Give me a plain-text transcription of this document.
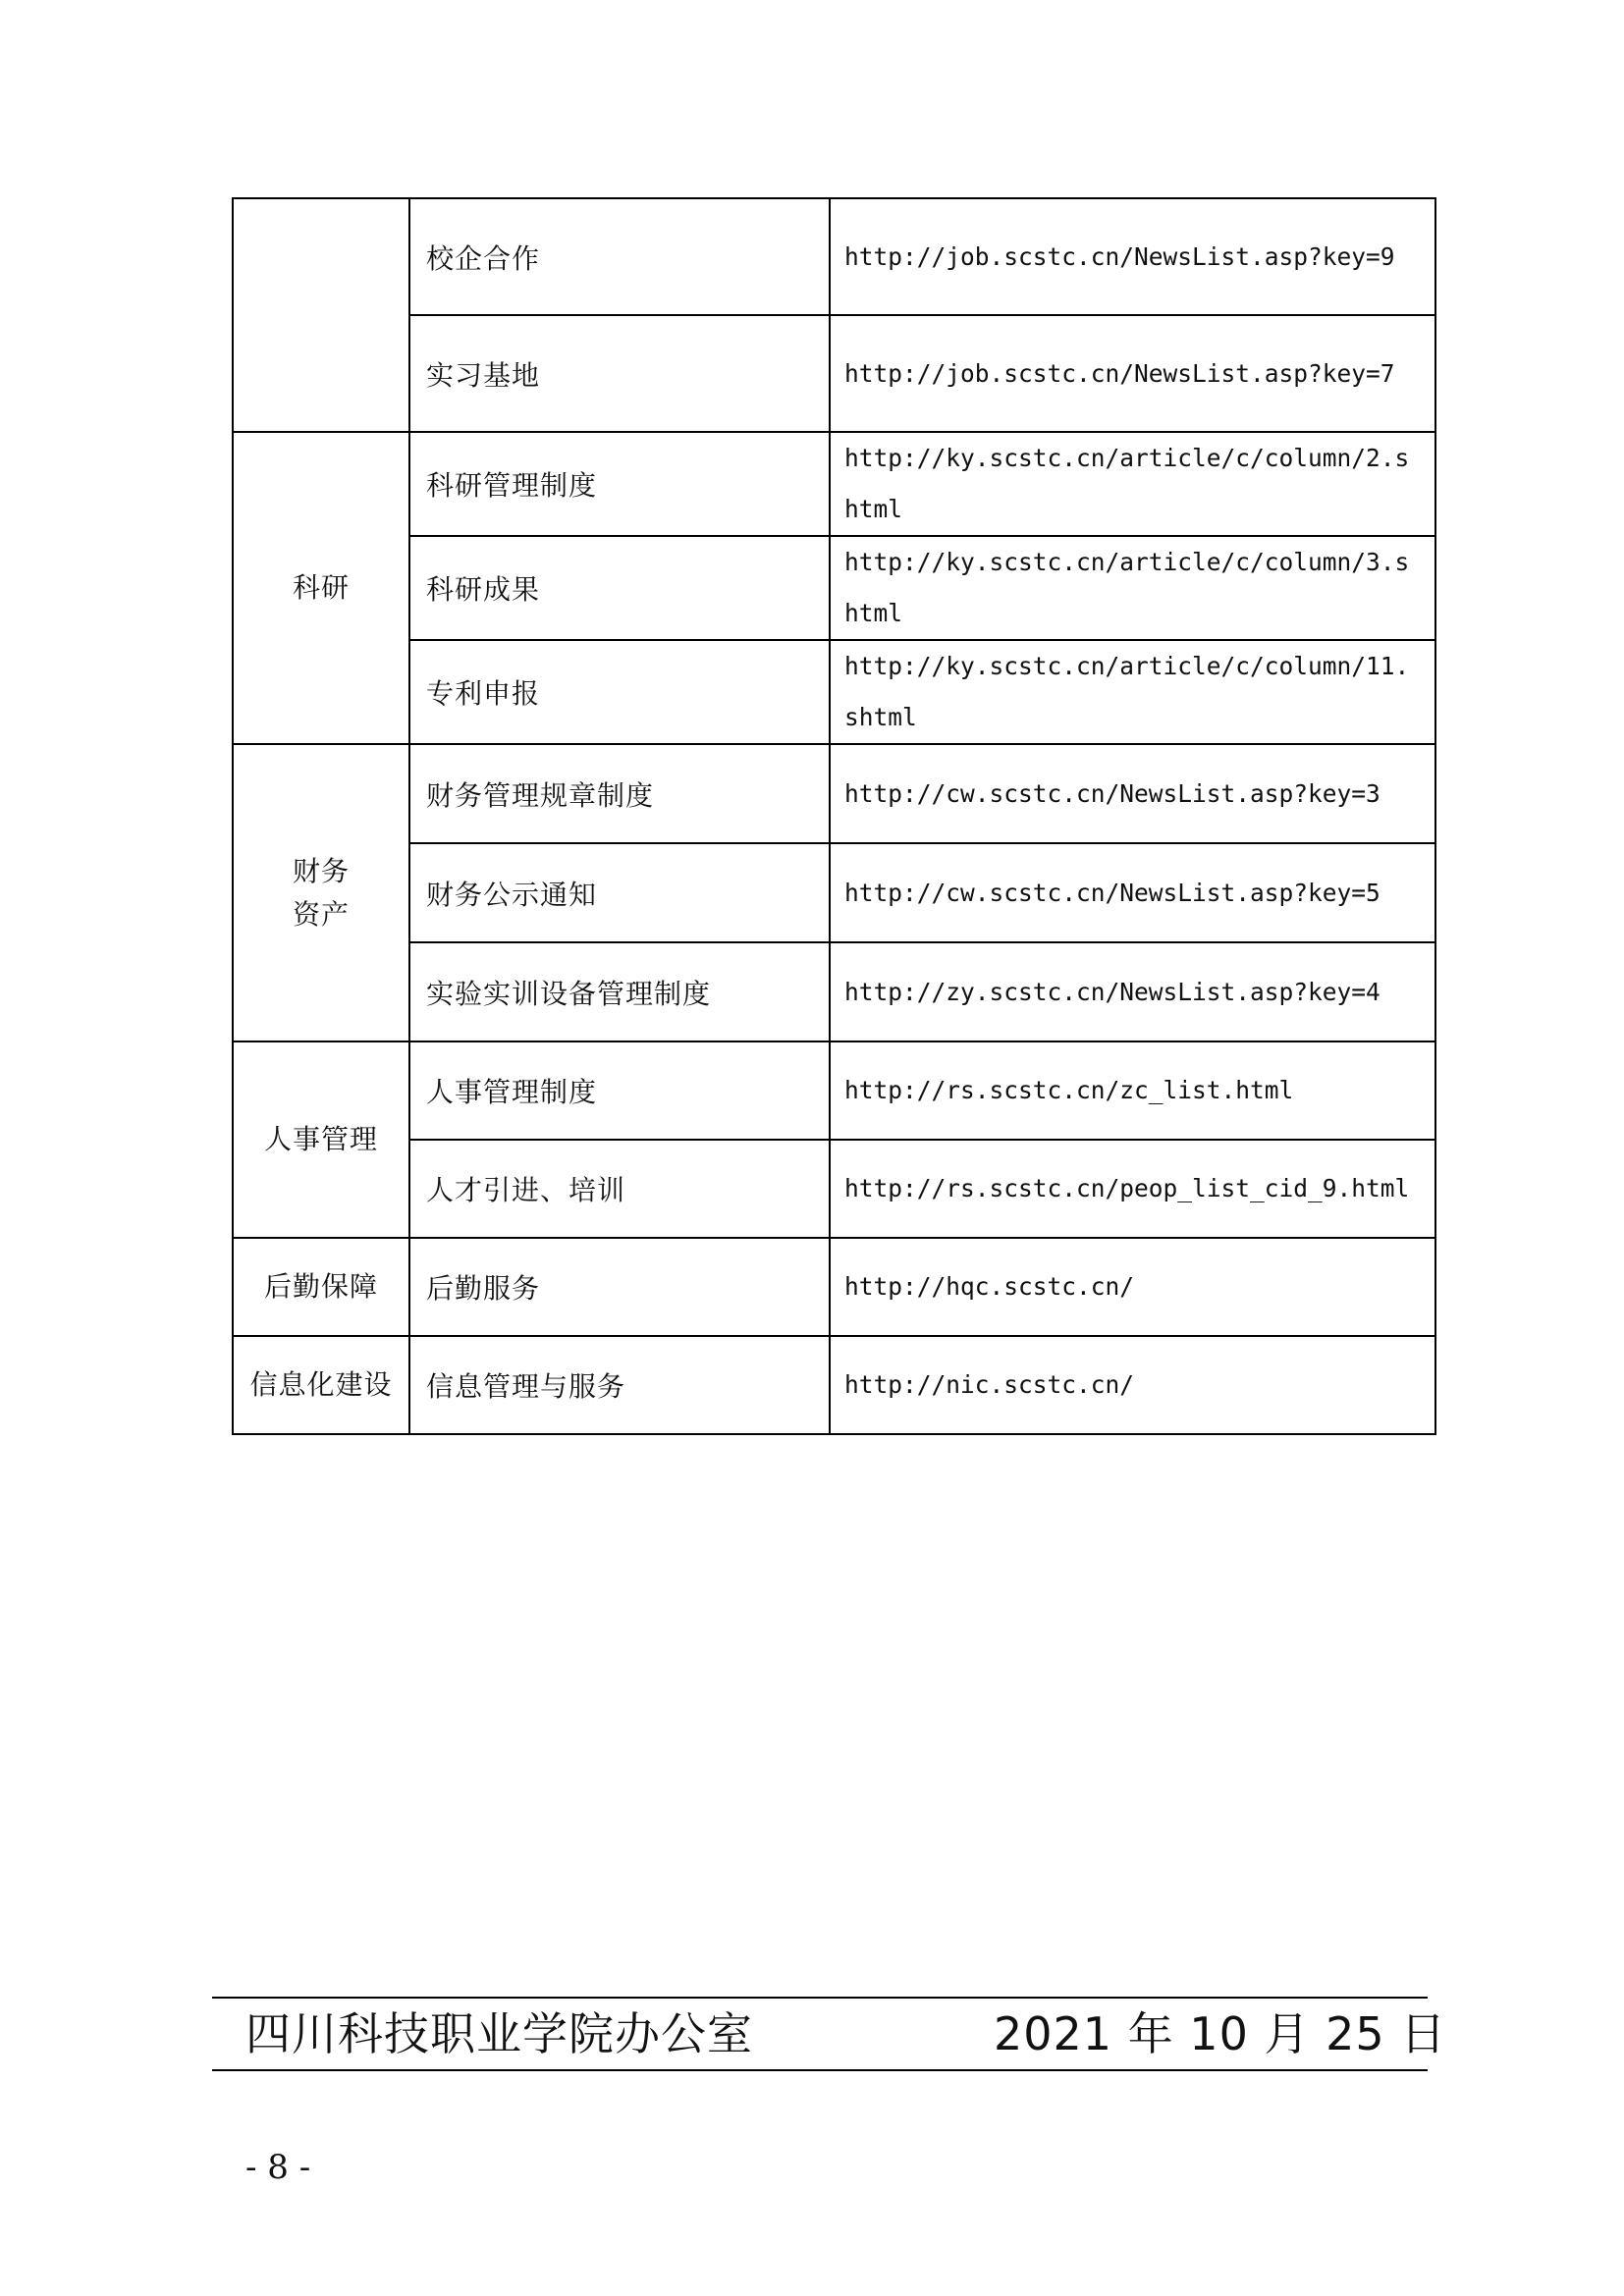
	校企合作	http://job.scstc.cn/NewsList.asp?key=9

	实习基地	http://job.scstc.cn/NewsList.asp?key=7

科研	科研管理制度	http://ky.scstc.cn/article/c/column/2.s
html

	科研成果	http://ky.scstc.cn/article/c/column/3.s
html

	专利申报	http://ky.scstc.cn/article/c/column/11.
shtml

财务
资产	财务管理规章制度	http://cw.scstc.cn/NewsList.asp?key=3

	财务公示通知	http://cw.scstc.cn/NewsList.asp?key=5

	实验实训设备管理制度	http://zy.scstc.cn/NewsList.asp?key=4

人事管理	人事管理制度	http://rs.scstc.cn/zc_list.html

	人才引进、培训	http://rs.scstc.cn/peop_list_cid_9.html

后勤保障	后勤服务	http://hqc.scstc.cn/

信息化建设	信息管理与服务	http://nic.scstc.cn/
四川科技职业学院办公室	2021 年 10 月 25 日
- 8 -
